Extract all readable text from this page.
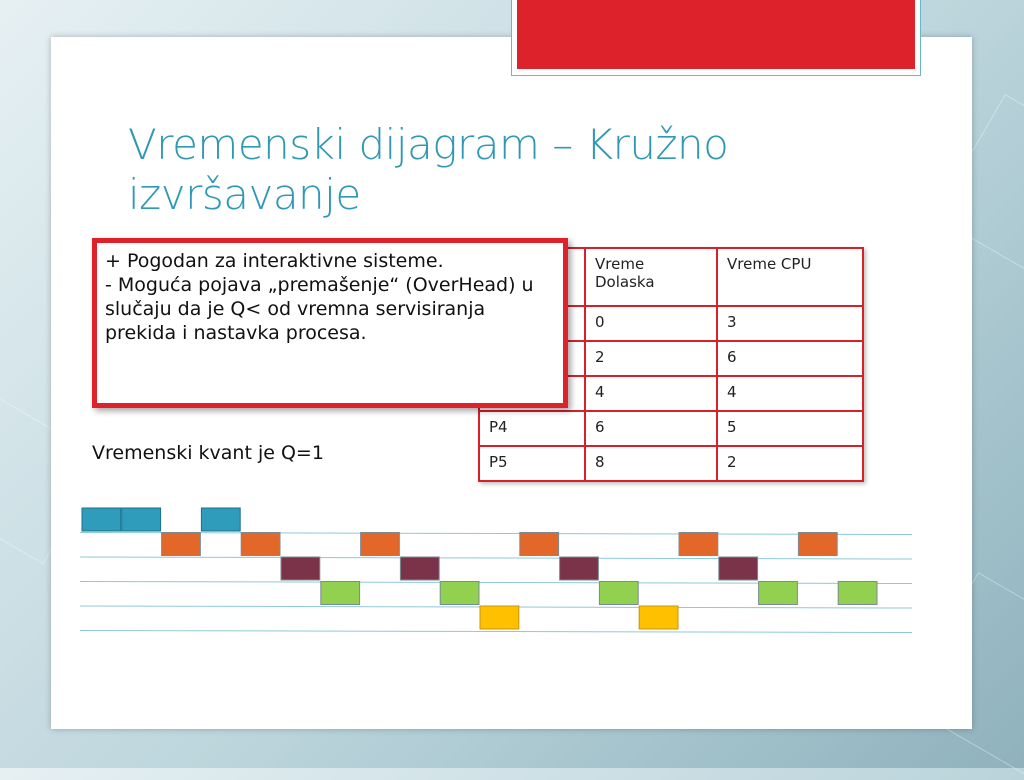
Vremenski dijagram – Kružno izvršavanje
	Vreme Dolaska	Vreme CPU
	0	3
	2	6
	4	4
P4	6	5
P5	8	2

+ Pogodan za interaktivne sisteme.

- Moguća pojava „premašenje“ (OverHead) u slučaju da je Q< od vremna servisiranja prekida i nastavka procesa.

Vremenski kvant je Q=1
